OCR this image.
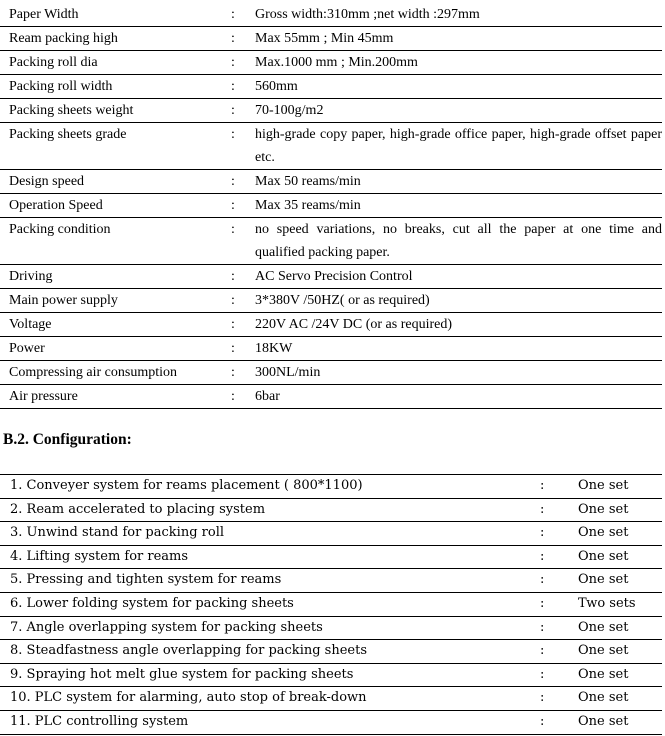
Paper Width	:	Gross width:310mm ;net width :297mm
Ream packing high	:	Max 55mm ; Min 45mm
Packing roll dia	:	Max.1000 mm ; Min.200mm
Packing roll width	:	560mm
Packing sheets weight	:	70-100g/m2
Packing sheets grade	:	high-grade copy paper, high-grade office paper, high-grade offset paper etc.
Design speed	:	Max 50 reams/min
Operation Speed	:	Max 35 reams/min
Packing condition	:	no speed variations, no breaks, cut all the paper at one time and qualified packing paper.
Driving	:	AC Servo Precision Control
Main power supply	:	3*380V /50HZ( or as required)
Voltage	:	220V AC /24V DC (or as required)
Power	:	18KW
Compressing air consumption	:	300NL/min
Air pressure	:	6bar
B.2. Configuration:
1. Conveyer system for reams placement ( 800*1100)	:	One set
2. Ream accelerated to placing system	:	One set
3. Unwind stand for packing roll	:	One set
4. Lifting system for reams	:	One set
5. Pressing and tighten system for reams	:	One set
6. Lower folding system for packing sheets	:	Two sets
7. Angle overlapping system for packing sheets	:	One set
8. Steadfastness angle overlapping for packing sheets	:	One set
9. Spraying hot melt glue system for packing sheets	:	One set
10. PLC system for alarming, auto stop of break-down	:	One set
11. PLC controlling system	:	One set
